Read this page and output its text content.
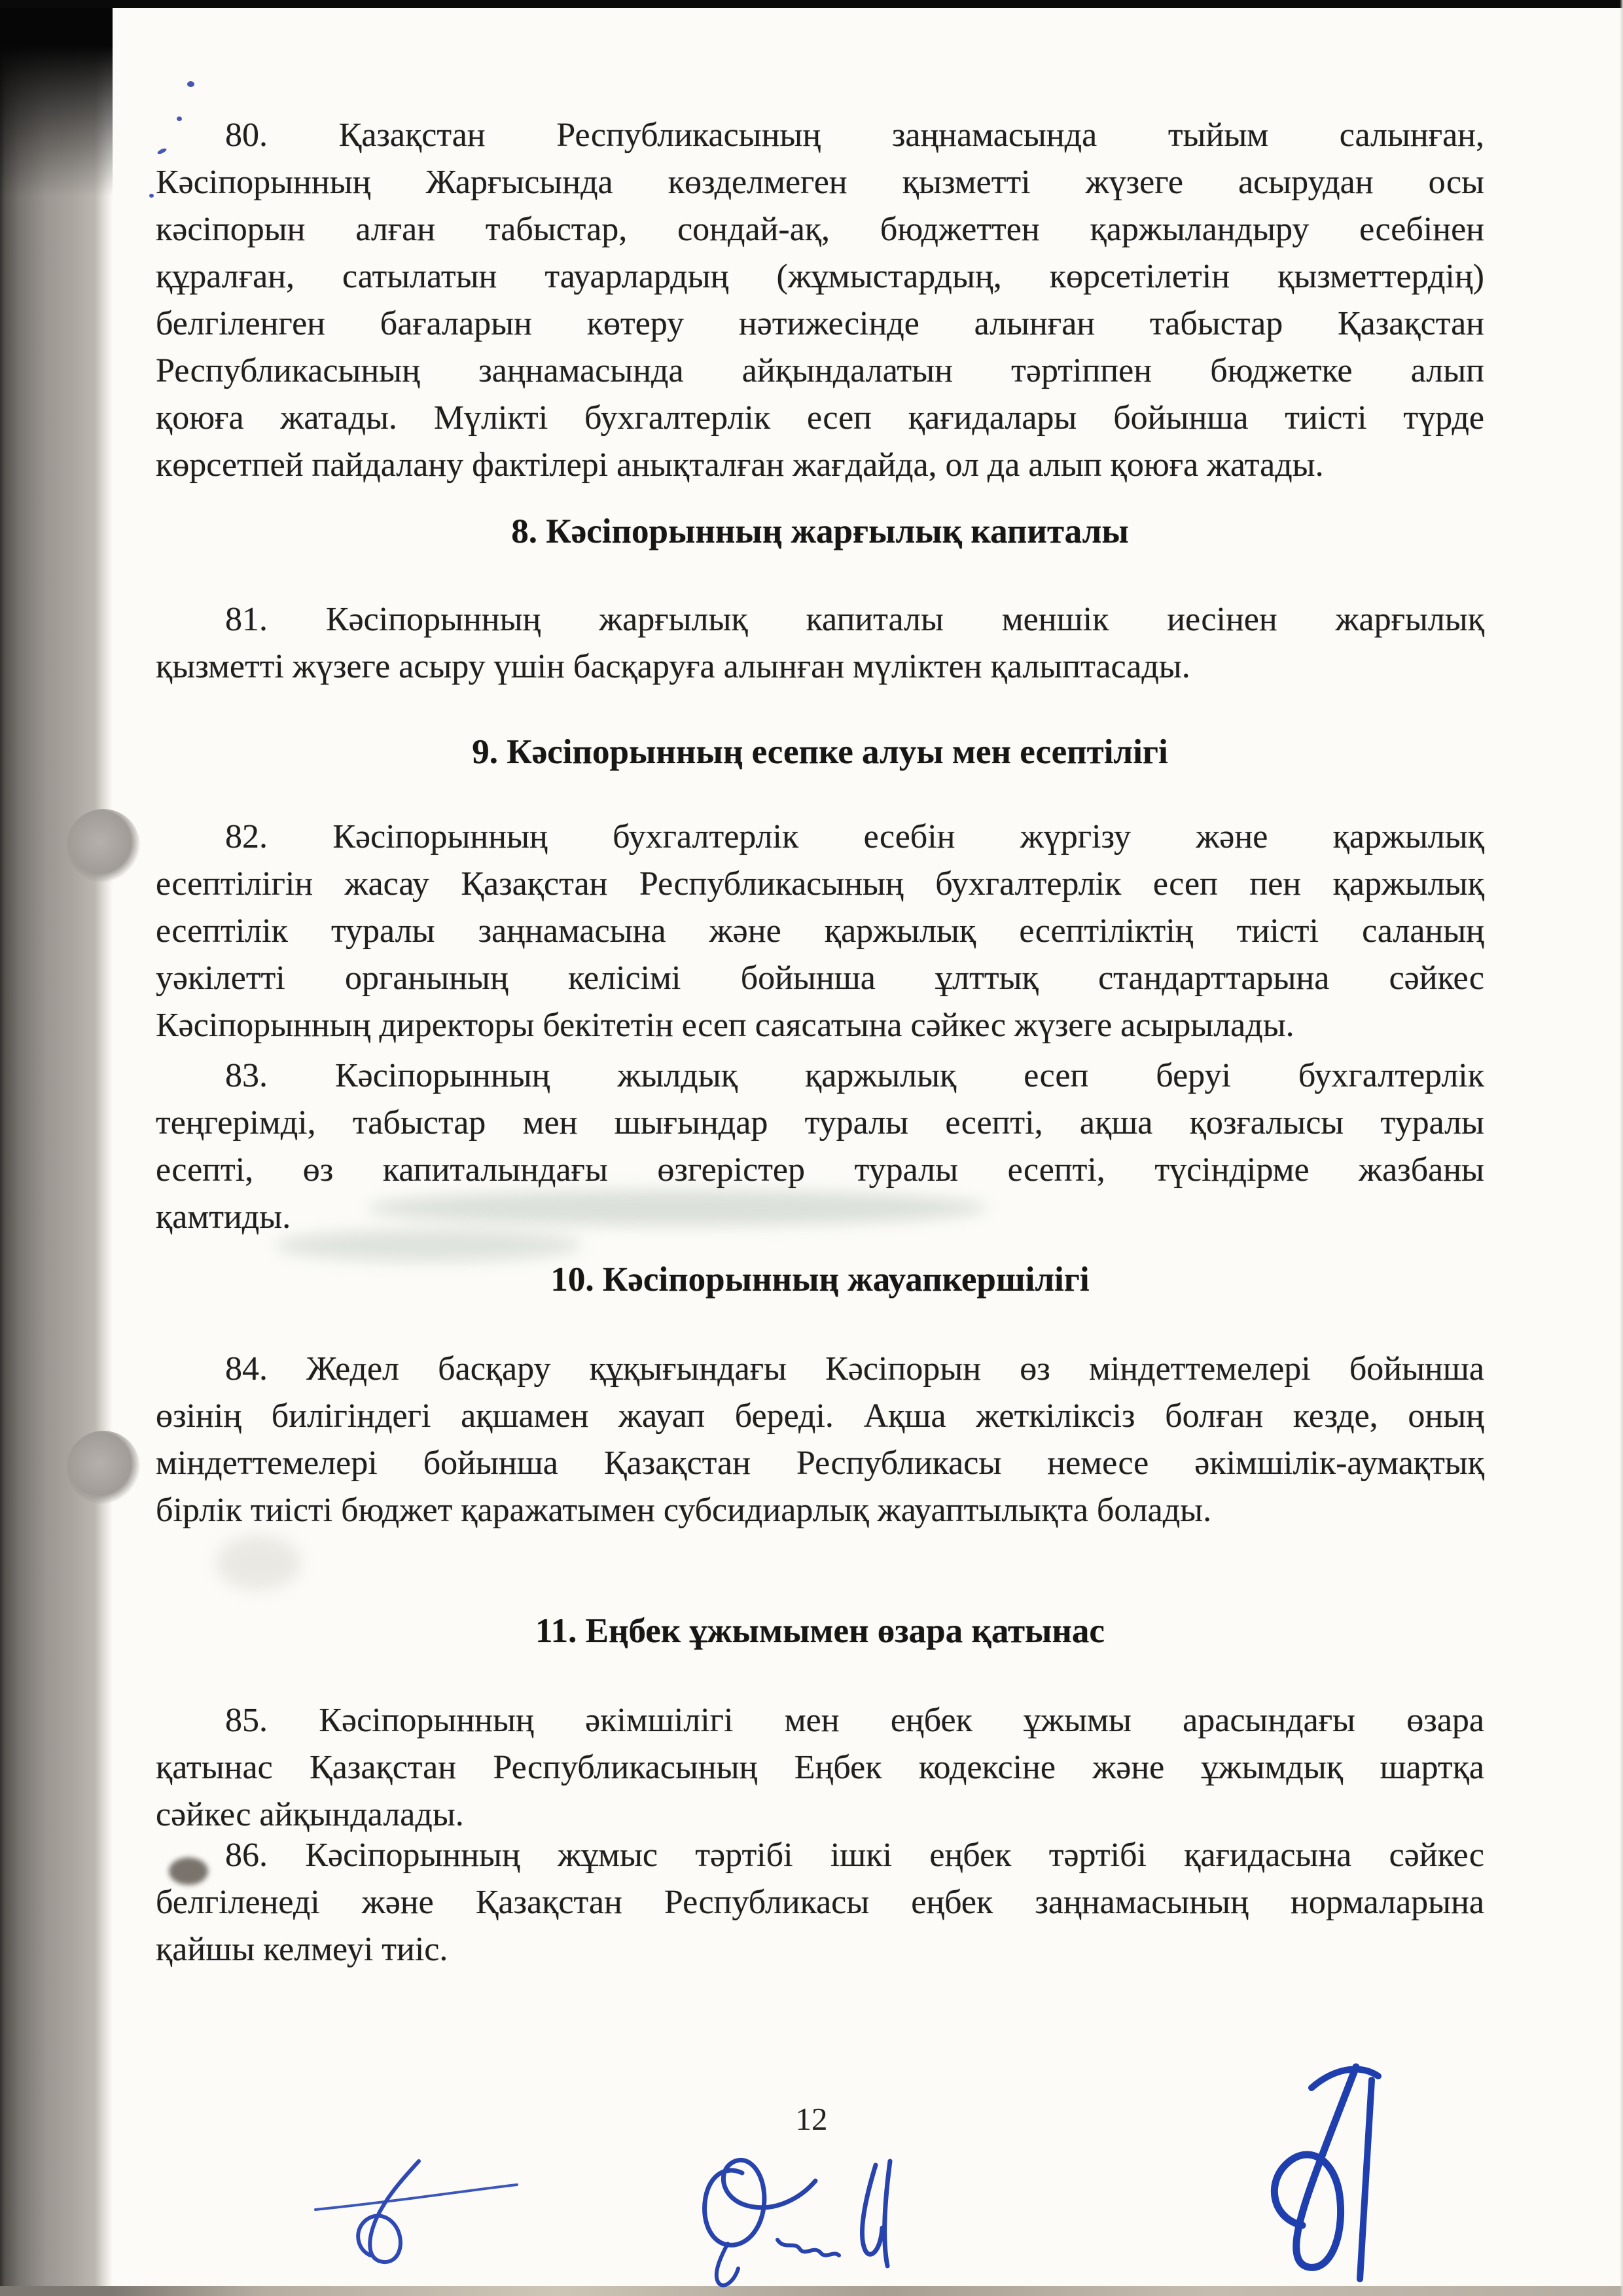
80. Қазақстан Республикасының заңнамасында тыйым салынған,
Кәсіпорынның Жарғысында көзделмеген қызметті жүзеге асырудан осы
кәсіпорын алған табыстар, сондай-ақ, бюджеттен қаржыландыру есебінен
құралған, сатылатын тауарлардың (жұмыстардың, көрсетілетін қызметтердің)
белгіленген бағаларын көтеру нәтижесінде алынған табыстар Қазақстан
Республикасының заңнамасында айқындалатын тәртіппен бюджетке алып
қоюға жатады. Мүлікті бухгалтерлік есеп қағидалары бойынша тиісті түрде
көрсетпей пайдалану фактілері анықталған жағдайда, ол да алып қоюға жатады.
8. Кәсіпорынның жарғылық капиталы
81. Кәсіпорынның жарғылық капиталы меншік иесінен жарғылық
қызметті жүзеге асыру үшін басқаруға алынған мүліктен қалыптасады.
9. Кәсіпорынның есепке алуы мен есептілігі
82. Кәсіпорынның бухгалтерлік есебін жүргізу және қаржылық
есептілігін жасау Қазақстан Республикасының бухгалтерлік есеп пен қаржылық
есептілік туралы заңнамасына және қаржылық есептіліктің тиісті саланың
уәкілетті органының келісімі бойынша ұлттық стандарттарына сәйкес
Кәсіпорынның директоры бекітетін есеп саясатына сәйкес жүзеге асырылады.
83. Кәсіпорынның жылдық қаржылық есеп беруі бухгалтерлік
теңгерімді, табыстар мен шығындар туралы есепті, ақша қозғалысы туралы
есепті, өз капиталындағы өзгерістер туралы есепті, түсіндірме жазбаны
қамтиды.
10. Кәсіпорынның жауапкершілігі
84. Жедел басқару құқығындағы Кәсіпорын өз міндеттемелері бойынша
өзінің билігіндегі ақшамен жауап береді. Ақша жеткіліксіз болған кезде, оның
міндеттемелері бойынша Қазақстан Республикасы немесе әкімшілік-аумақтық
бірлік тиісті бюджет қаражатымен субсидиарлық жауаптылықта болады.
11. Еңбек ұжымымен өзара қатынас
85. Кәсіпорынның әкімшілігі мен еңбек ұжымы арасындағы өзара
қатынас Қазақстан Республикасының Еңбек кодексіне және ұжымдық шартқа
сәйкес айқындалады.
86. Кәсіпорынның жұмыс тәртібі ішкі еңбек тәртібі қағидасына сәйкес
белгіленеді және Қазақстан Республикасы еңбек заңнамасының нормаларына
қайшы келмеуі тиіс.
12
